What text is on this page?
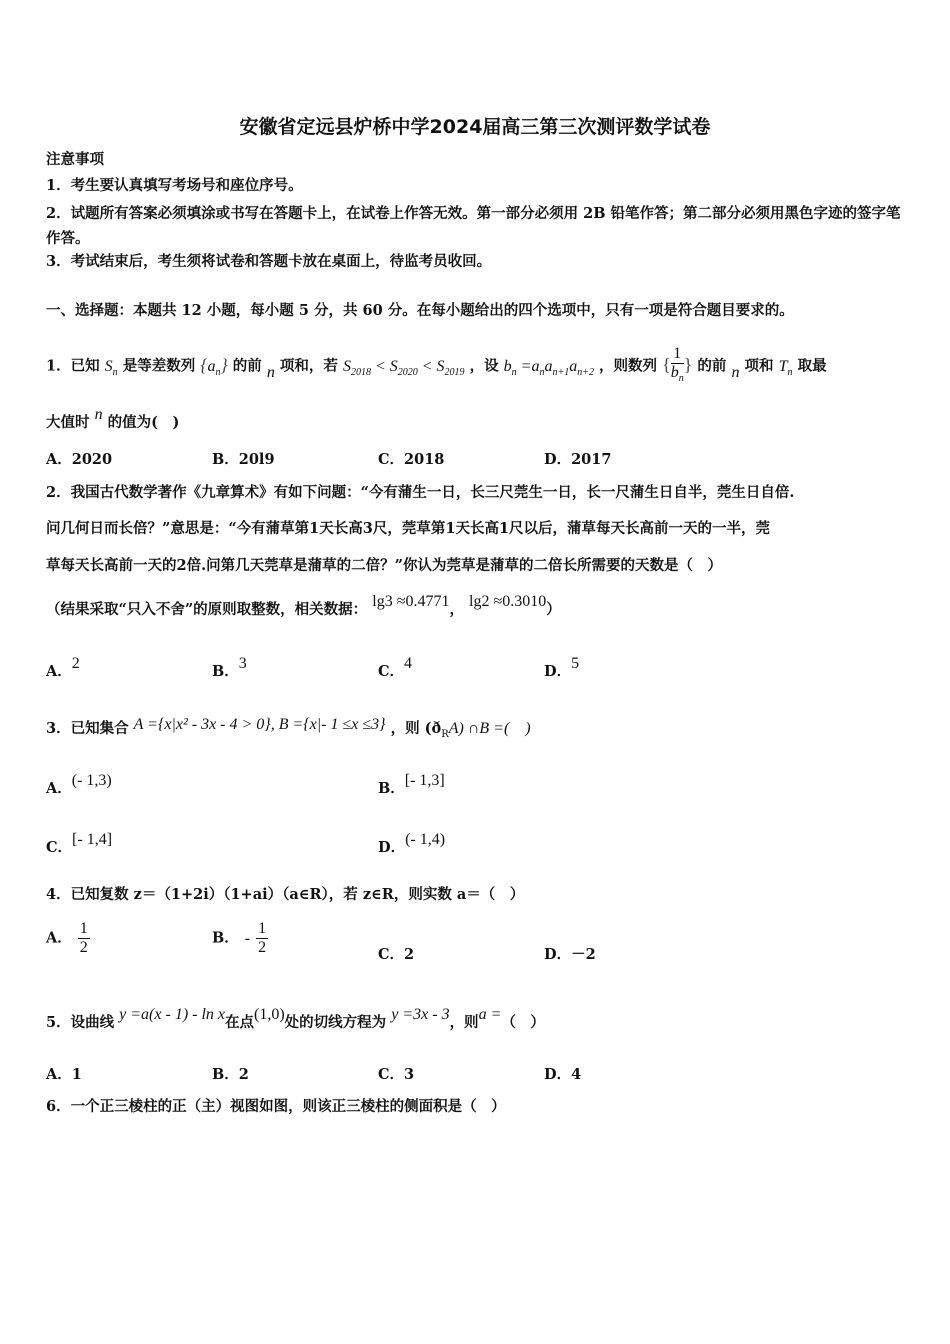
安徽省定远县炉桥中学2024届高三第三次测评数学试卷
注意事项
1．考生要认真填写考场号和座位序号。
2．试题所有答案必须填涂或书写在答题卡上，在试卷上作答无效。第一部分必须用 2B 铅笔作答；第二部分必须用黑色字迹的签字笔作答。
3．考试结束后，考生须将试卷和答题卡放在桌面上，待监考员收回。
一、选择题：本题共 12 小题，每小题 5 分，共 60 分。在每小题给出的四个选项中，只有一项是符合题目要求的。
1．已知 $S_n$ 是等差数列 $\{a_n\}$ 的前 n 项和，若 $S_{2018} < S_{2020} < S_{2019}$ ，设 $b_n =a_na_{n+1}a_{n+2}$ ，则数列 { $\frac{1}{b_n}$ } 的前 n 项和 $T_n$ 取最
大值时 n 的值为(　)
A．2020	B．20l9	C．2018	D．2017
2．我国古代数学著作《九章算术》有如下问题：“今有蒲生一日，长三尺莞生一日，长一尺蒲生日自半，莞生日自倍.
问几何日而长倍？”意思是：“今有蒲草第1天长高3尺，莞草第1天长高1尺以后，蒲草每天长高前一天的一半，莞
草每天长高前一天的2倍.问第几天莞草是蒲草的二倍？”你认为莞草是蒲草的二倍长所需要的天数是（　）
（结果采取“只入不舍”的原则取整数，相关数据： lg3 ≈0.4771， lg2 ≈0.3010）
A．2	B．3	C．4	D．5
3．已知集合 A ={x|x² - 3x - 4 > 0}, B ={x|- 1 ≤x ≤3} ，则 $(ð_RA)$ ∩B =(　)
A．(- 1,3)	B．[- 1,3]
C．[- 1,4]	D．(- 1,4)
4．已知复数 z＝（1+2i）（1+ai）（a∈R），若 z∈R，则实数 a＝（　）
A． $\frac{1}{2}$	B． - $\frac{1}{2}$	C．2	D．－2
5．设曲线 y =a(x - 1) - ln x在点(1,0)处的切线方程为 y =3x - 3，则a =（　）
A．1	B．2	C．3	D．4
6．一个正三棱柱的正（主）视图如图，则该正三棱柱的侧面积是（　）
